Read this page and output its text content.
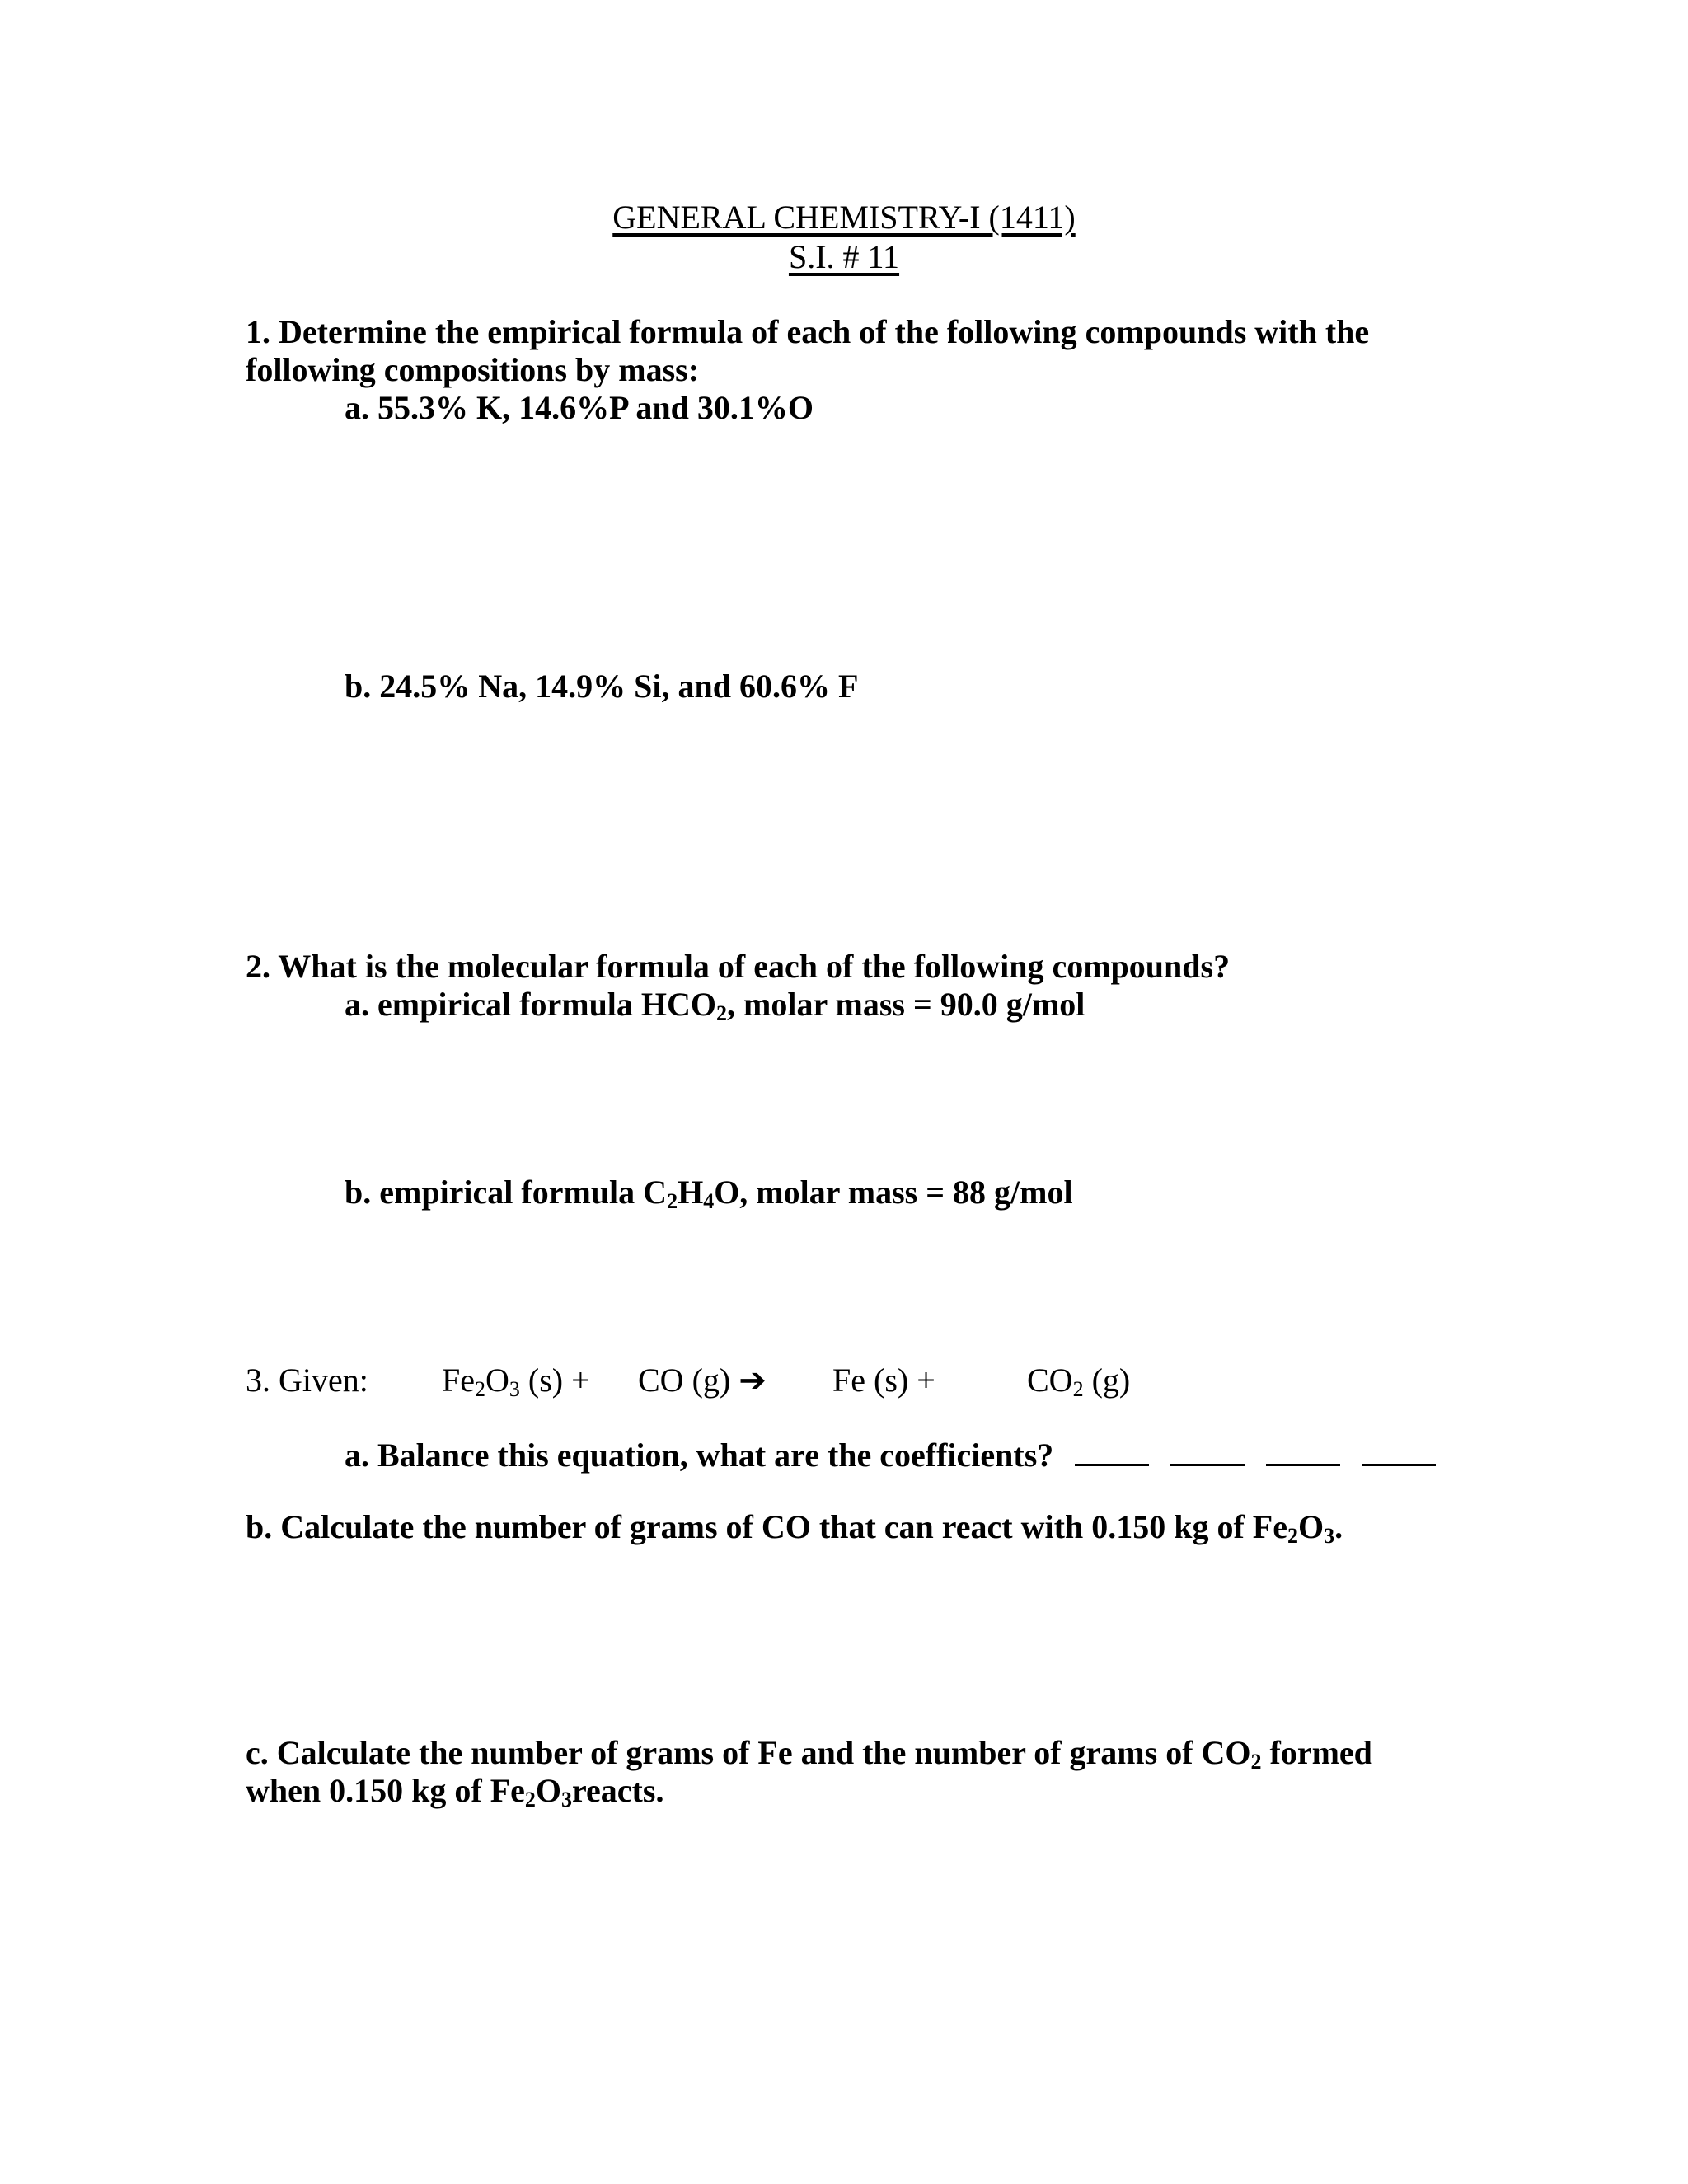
GENERAL CHEMISTRY-I (1411)
S.I. # 11
1. Determine the empirical formula of each of the following compounds with the
following compositions by mass:
a. 55.3% K, 14.6%P and 30.1%O
b. 24.5% Na, 14.9% Si, and 60.6% F
2. What is the molecular formula of each of the following compounds?
a. empirical formula $HCO_2$, molar mass = 90.0 g/mol
b. empirical formula $C_2H_4O$, molar mass = 88 g/mol
3. Given: $Fe_2O_3$ (s) + CO (g) ➔ Fe (s) +	$CO_2$ (g)
a. Balance this equation, what are the coefficients?

b. Calculate the number of grams of CO that can react with 0.150 kg of $Fe_2O_3$.
c. Calculate the number of grams of Fe and the number of grams of $CO_2$ formed
when 0.150 kg of $Fe_2O_3reacts$.
